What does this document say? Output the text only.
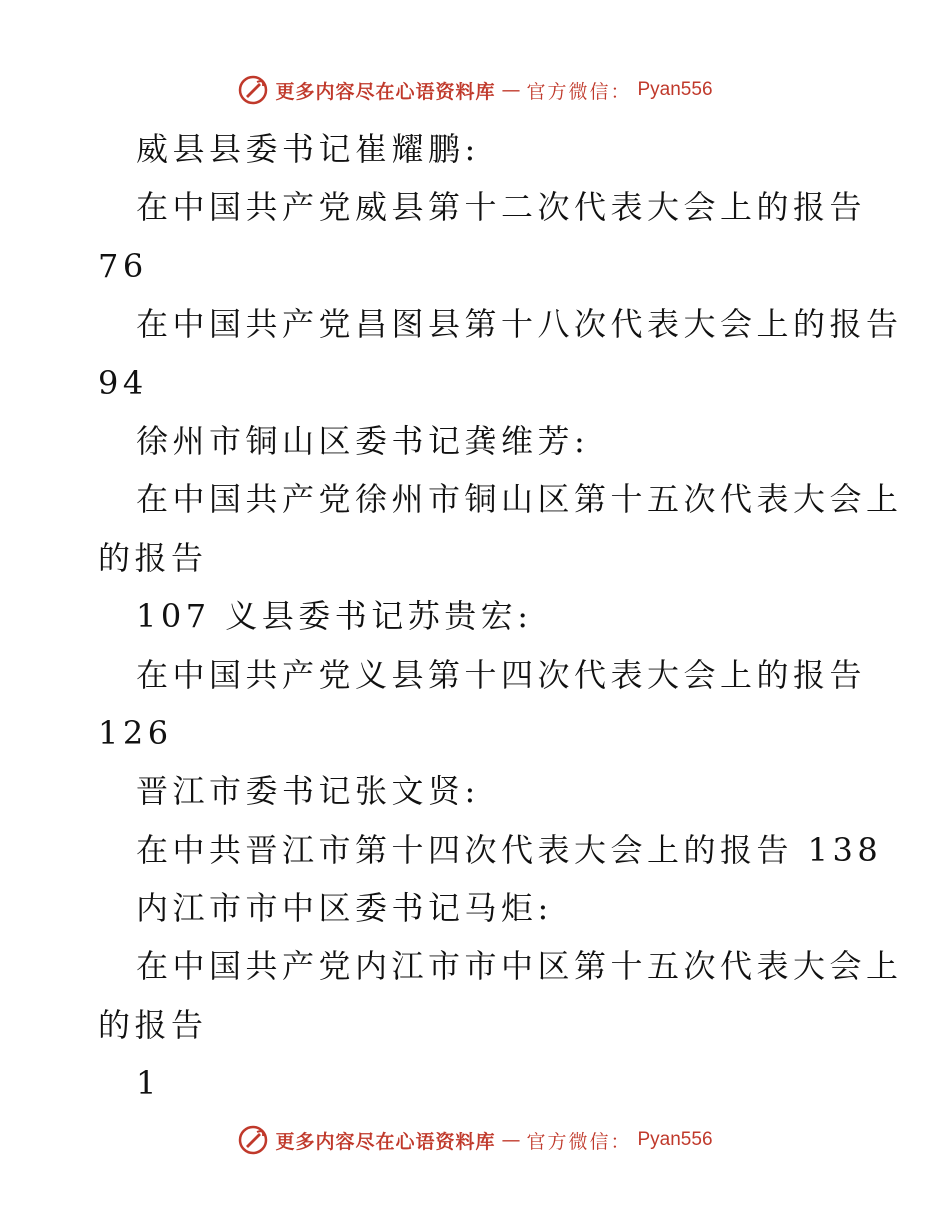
更多内容尽在心语资料库 — 官方微信： Pyan556

威县县委书记崔耀鹏:

在中国共产党威县第十二次代表大会上的报告

76

在中国共产党昌图县第十八次代表大会上的报告

94

徐州市铜山区委书记龚维芳:

在中国共产党徐州市铜山区第十五次代表大会上

的报告

107 义县委书记苏贵宏:

在中国共产党义县第十四次代表大会上的报告

126

晋江市委书记张文贤:

在中共晋江市第十四次代表大会上的报告 138

内江市市中区委书记马炬:

在中国共产党内江市市中区第十五次代表大会上

的报告

1

更多内容尽在心语资料库 — 官方微信： Pyan556
